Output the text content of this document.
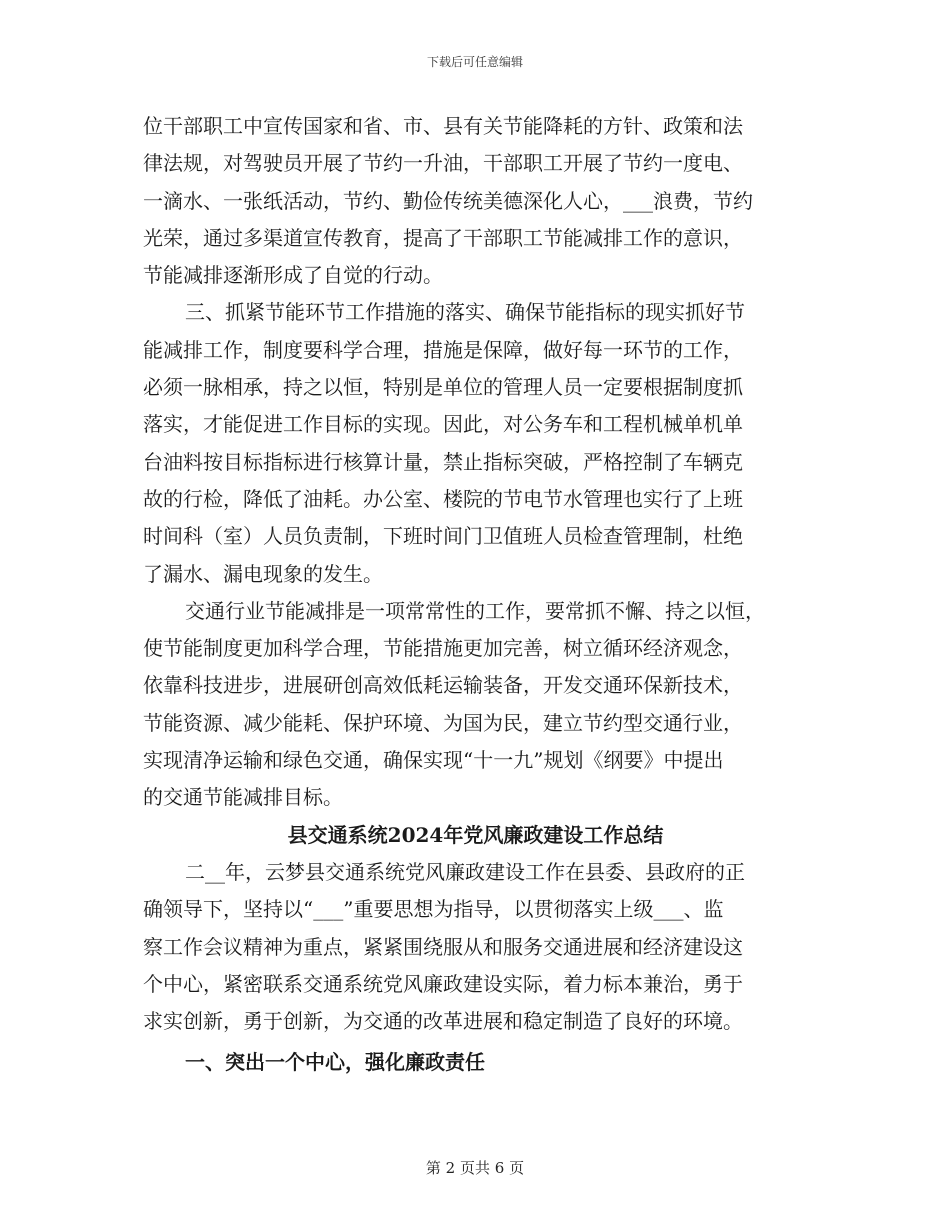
下载后可任意编辑
位干部职工中宣传国家和省、市、县有关节能降耗的方针、政策和法
律法规，对驾驶员开展了节约一升油，干部职工开展了节约一度电、
一滴水、一张纸活动，节约、勤俭传统美德深化人心，___浪费，节约
光荣，通过多渠道宣传教育，提高了干部职工节能减排工作的意识，
节能减排逐渐形成了自觉的行动。
三、抓紧节能环节工作措施的落实、确保节能指标的现实抓好节
能减排工作，制度要科学合理，措施是保障，做好每一环节的工作，
必须一脉相承，持之以恒，特别是单位的管理人员一定要根据制度抓
落实，才能促进工作目标的实现。因此，对公务车和工程机械单机单
台油料按目标指标进行核算计量，禁止指标突破，严格控制了车辆克
故的行检，降低了油耗。办公室、楼院的节电节水管理也实行了上班
时间科（室）人员负责制，下班时间门卫值班人员检查管理制，杜绝
了漏水、漏电现象的发生。
交通行业节能减排是一项常常性的工作，要常抓不懈、持之以恒，
使节能制度更加科学合理，节能措施更加完善，树立循环经济观念，
依靠科技进步，进展研创高效低耗运输装备，开发交通环保新技术，
节能资源、减少能耗、保护环境、为国为民，建立节约型交通行业，
实现清净运输和绿色交通，确保实现“十一九”规划《纲要》中提出
的交通节能减排目标。
县交通系统2024年党风廉政建设工作总结
二__年，云梦县交通系统党风廉政建设工作在县委、县政府的正
确领导下，坚持以“___”重要思想为指导，以贯彻落实上级___、监
察工作会议精神为重点，紧紧围绕服从和服务交通进展和经济建设这
个中心，紧密联系交通系统党风廉政建设实际，着力标本兼治，勇于
求实创新，勇于创新，为交通的改革进展和稳定制造了良好的环境。
一、突出一个中心，强化廉政责任
第 2 页共 6 页
